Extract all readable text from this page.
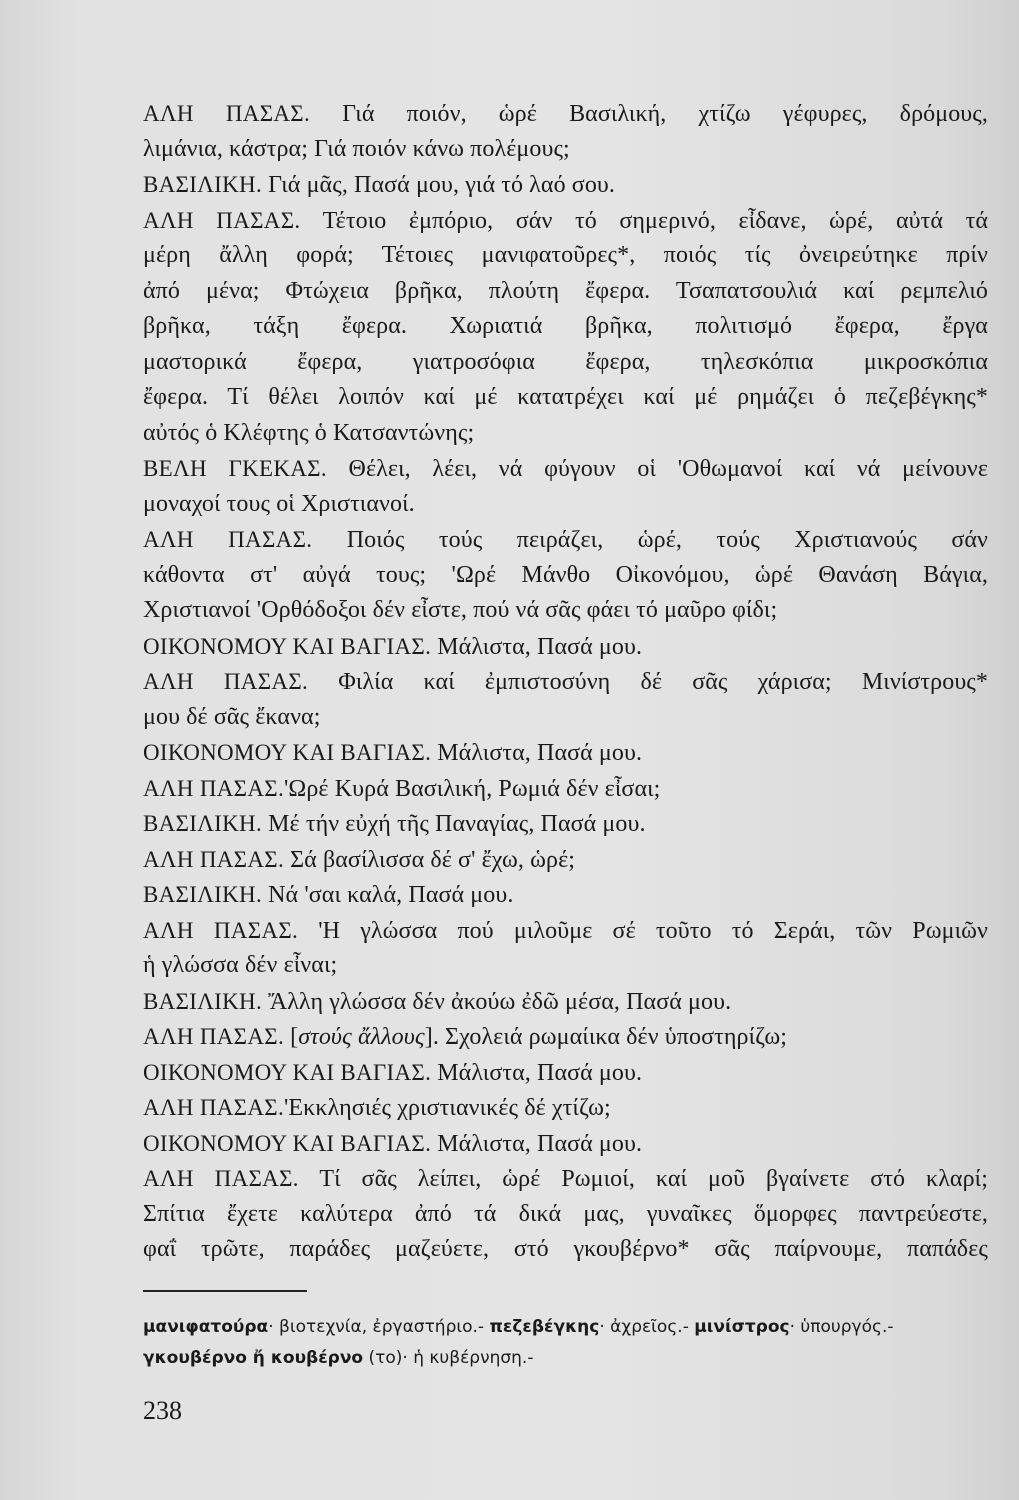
ΑΛΗ ΠΑΣΑΣ. Γιά ποιόν, ὡρέ Βασιλική, χτίζω γέφυρες, δρόμους,
λιμάνια, κάστρα; Γιά ποιόν κάνω πολέμους;
ΒΑΣΙΛΙΚΗ. Γιά μᾶς, Πασά μου, γιά τό λαό σου.
ΑΛΗ ΠΑΣΑΣ. Τέτοιο ἐμπόριο, σάν τό σημερινό, εἶδανε, ὡρέ, αὐτά τά
μέρη ἄλλη φορά; Τέτοιες μανιφατοῦρες*, ποιός τίς ὀνειρεύτηκε πρίν
ἀπό μένα; Φτώχεια βρῆκα, πλούτη ἔφερα. Τσαπατσουλιά καί ρεμπελιό
βρῆκα, τάξη ἔφερα. Χωριατιά βρῆκα, πολιτισμό ἔφερα, ἔργα
μαστορικά ἔφερα, γιατροσόφια ἔφερα, τηλεσκόπια μικροσκόπια
ἔφερα. Τί θέλει λοιπόν καί μέ κατατρέχει καί μέ ρημάζει ὁ πεζεβέγκης*
αὐτός ὁ Κλέφτης ὁ Κατσαντώνης;
ΒΕΛΗ ΓΚΕΚΑΣ. Θέλει, λέει, νά φύγουν οἱ 'Οθωμανοί καί νά μείνουνε
μοναχοί τους οἱ Χριστιανοί.
ΑΛΗ ΠΑΣΑΣ. Ποιός τούς πειράζει, ὡρέ, τούς Χριστιανούς σάν
κάθοντα στ' αὐγά τους; 'Ωρέ Μάνθο Οἰκονόμου, ὡρέ Θανάση Βάγια,
Χριστιανοί 'Ορθόδοξοι δέν εἶστε, πού νά σᾶς φάει τό μαῦρο φίδι;
ΟΙΚΟΝΟΜΟΥ ΚΑΙ ΒΑΓΙΑΣ. Μάλιστα, Πασά μου.
ΑΛΗ ΠΑΣΑΣ. Φιλία καί ἐμπιστοσύνη δέ σᾶς χάρισα; Μινίστρους*
μου δέ σᾶς ἔκανα;
ΟΙΚΟΝΟΜΟΥ ΚΑΙ ΒΑΓΙΑΣ. Μάλιστα, Πασά μου.
ΑΛΗ ΠΑΣΑΣ.'Ωρέ Κυρά Βασιλική, Ρωμιά δέν εἶσαι;
ΒΑΣΙΛΙΚΗ. Μέ τήν εὐχή τῆς Παναγίας, Πασά μου.
ΑΛΗ ΠΑΣΑΣ. Σά βασίλισσα δέ σ' ἔχω, ὡρέ;
ΒΑΣΙΛΙΚΗ. Νά 'σαι καλά, Πασά μου.
ΑΛΗ ΠΑΣΑΣ. 'Η γλώσσα πού μιλοῦμε σέ τοῦτο τό Σεράι, τῶν Ρωμιῶν
ἡ γλώσσα δέν εἶναι;
ΒΑΣΙΛΙΚΗ. Ἄλλη γλώσσα δέν ἀκούω ἐδῶ μέσα, Πασά μου.
ΑΛΗ ΠΑΣΑΣ. [στούς ἄλλους]. Σχολειά ρωμαίικα δέν ὑποστηρίζω;
ΟΙΚΟΝΟΜΟΥ ΚΑΙ ΒΑΓΙΑΣ. Μάλιστα, Πασά μου.
ΑΛΗ ΠΑΣΑΣ.'Εκκλησιές χριστιανικές δέ χτίζω;
ΟΙΚΟΝΟΜΟΥ ΚΑΙ ΒΑΓΙΑΣ. Μάλιστα, Πασά μου.
ΑΛΗ ΠΑΣΑΣ. Τί σᾶς λείπει, ὡρέ Ρωμιοί, καί μοῦ βγαίνετε στό κλαρί;
Σπίτια ἔχετε καλύτερα ἀπό τά δικά μας, γυναῖκες ὅμορφες παντρεύεστε,
φαΐ τρῶτε, παράδες μαζεύετε, στό γκουβέρνο* σᾶς παίρνουμε, παπάδες
μανιφατούρα· βιοτεχνία, ἐργαστήριο.- πεζεβέγκης· ἀχρεῖος.- μινίστρος· ὑπουργός.-
γκουβέρνο ἤ κουβέρνο (το)· ἡ κυβέρνηση.-
238
